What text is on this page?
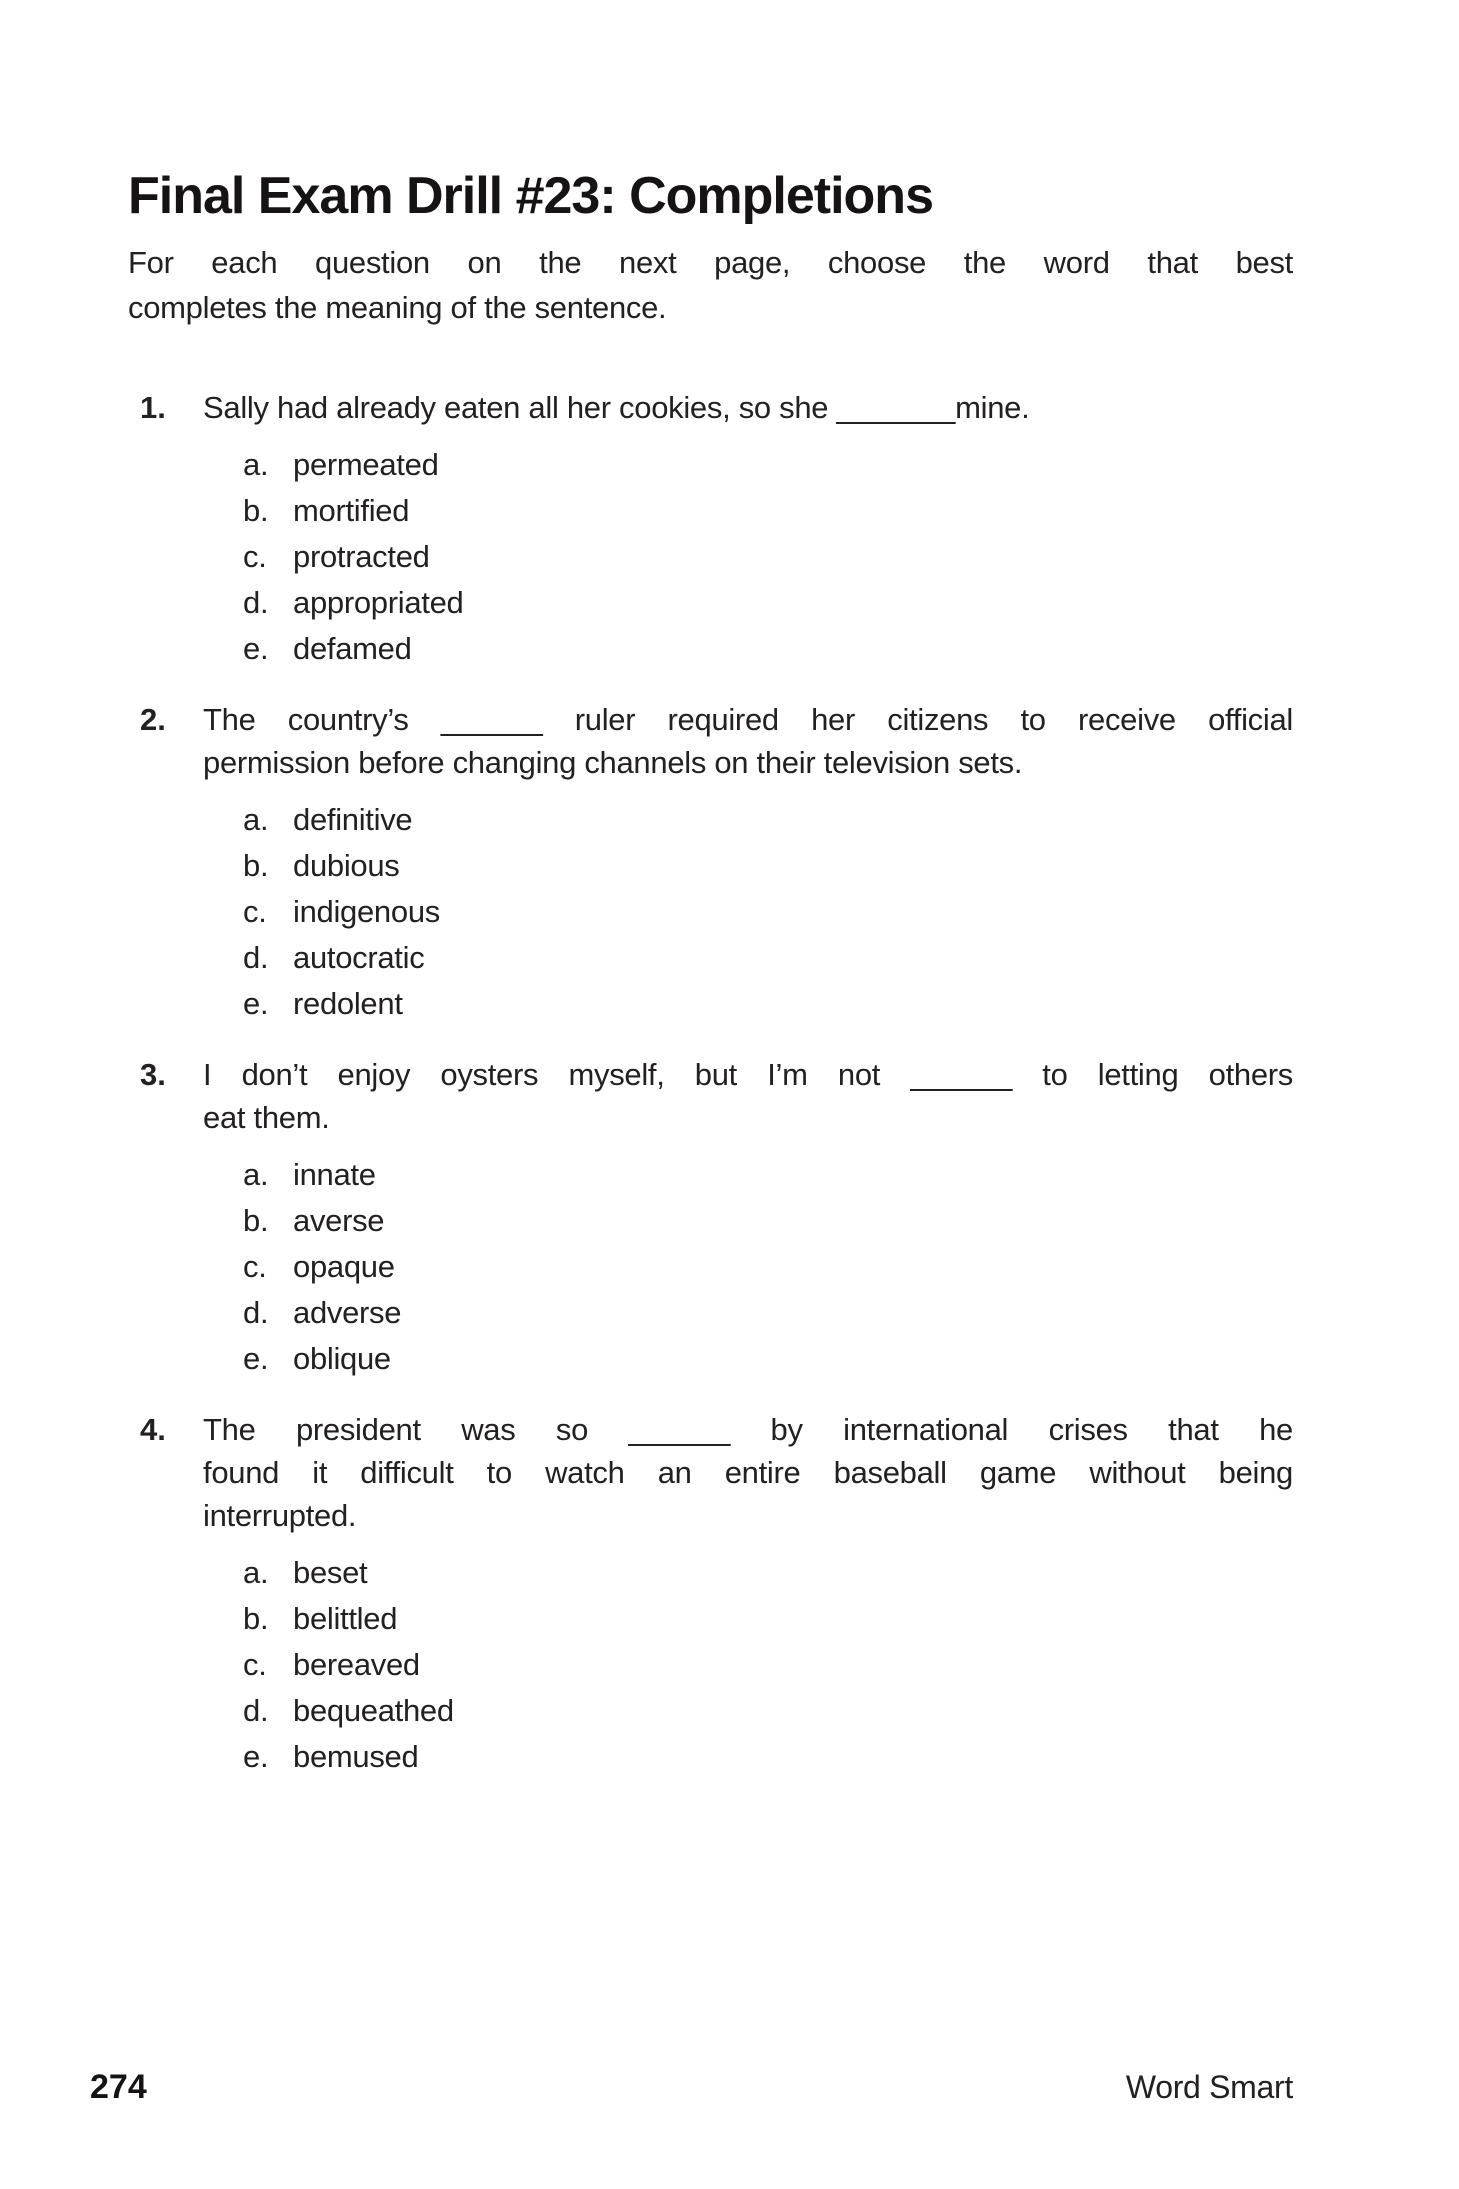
Final Exam Drill #23: Completions
For each question on the next page, choose the word that best
completes the meaning of the sentence.
1.	Sally had already eaten all her cookies, so she _______mine.
a. permeated
b. mortified
c. protracted
d. appropriated
e. defamed
2.	The country’s ______ ruler required her citizens to receive official
permission before changing channels on their television sets.
a. definitive
b. dubious
c. indigenous
d. autocratic
e. redolent
3.	I don’t enjoy oysters myself, but I’m not ______ to letting others
eat them.
a. innate
b. averse
c. opaque
d. adverse
e. oblique
4.	The president was so ______ by international crises that he
found it difficult to watch an entire baseball game without being
interrupted.
a. beset
b. belittled
c. bereaved
d. bequeathed
e. bemused
274	Word Smart
